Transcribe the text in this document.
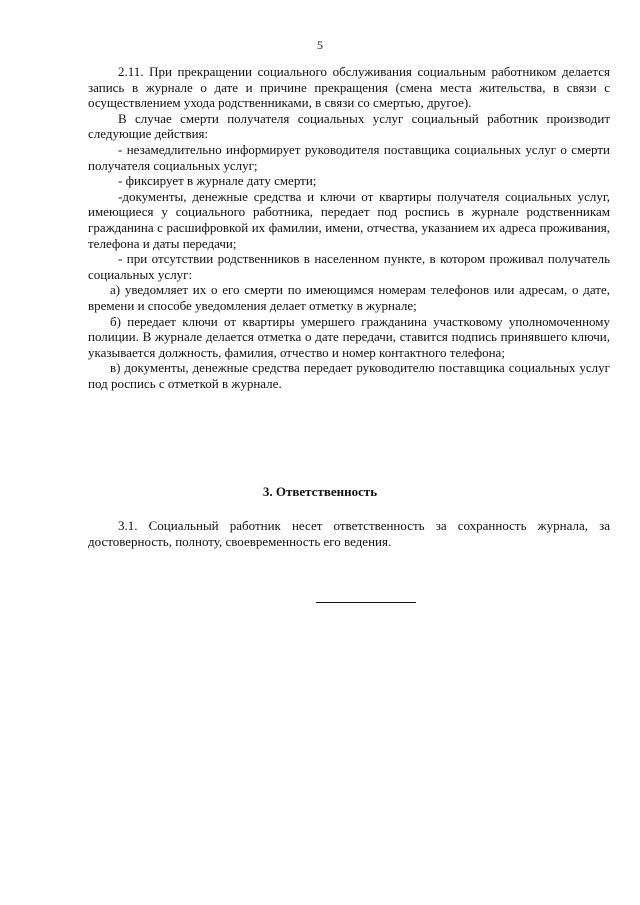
5

2.11. При прекращении социального обслуживания социальным работником делается запись в журнале о дате и причине прекращения (смена места жительства, в связи с осуществлением ухода родственниками, в связи со смертью, другое).

В случае смерти получателя социальных услуг социальный работник производит следующие действия:

- незамедлительно информирует руководителя поставщика социальных услуг о смерти получателя социальных услуг;

- фиксирует в журнале дату смерти;

-документы, денежные средства и ключи от квартиры получателя социальных услуг, имеющиеся у социального работника, передает под роспись в журнале родственникам гражданина с расшифровкой их фамилии, имени, отчества, указанием их адреса проживания, телефона и даты передачи;

- при отсутствии родственников в населенном пункте, в котором проживал получатель социальных услуг:

а) уведомляет их о его смерти по имеющимся номерам телефонов или адресам, о дате, времени и способе уведомления делает отметку в журнале;

б) передает ключи от квартиры умершего гражданина участковому уполномоченному полиции. В журнале делается отметка о дате передачи, ставится подпись принявшего ключи, указывается должность, фамилия, отчество и номер контактного телефона;

в) документы, денежные средства передает руководителю поставщика социальных услуг под роспись с отметкой в журнале.

3. Ответственность

3.1. Социальный работник несет ответственность за сохранность журнала, за достоверность, полноту, своевременность его ведения.
